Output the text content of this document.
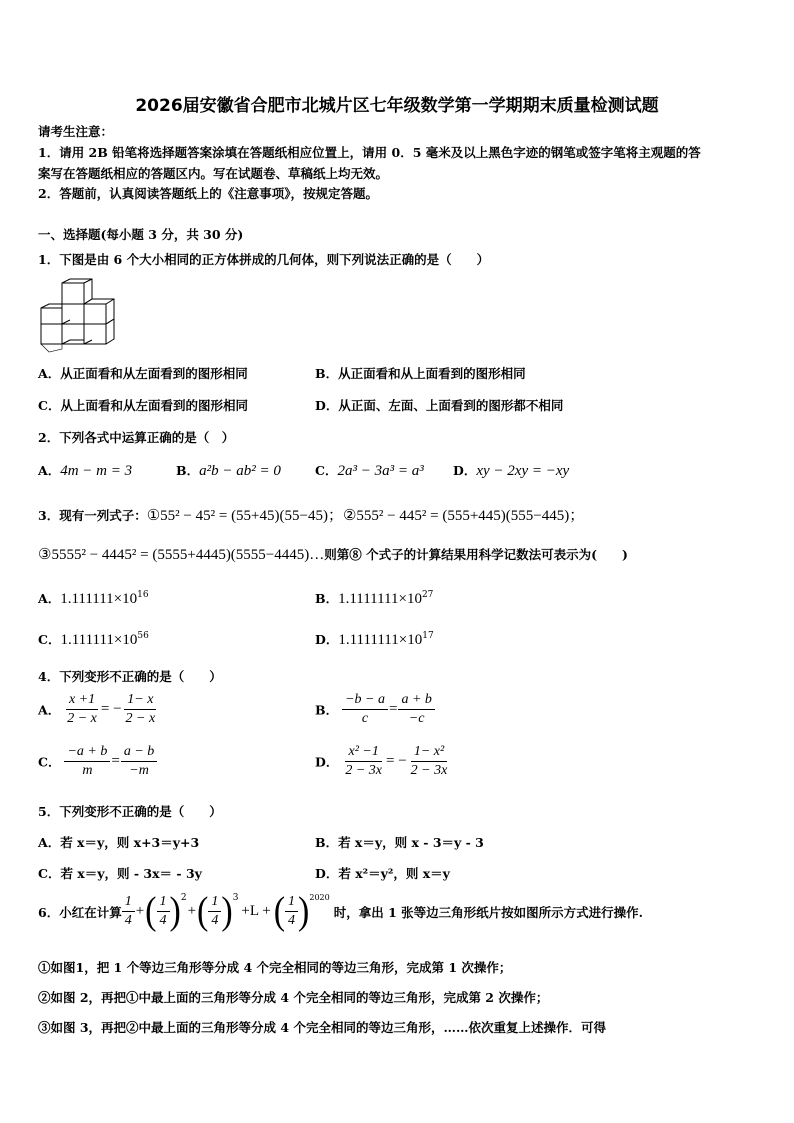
2026届安徽省合肥市北城片区七年级数学第一学期期末质量检测试题
请考生注意：
1．请用 2B 铅笔将选择题答案涂填在答题纸相应位置上，请用 0．5 毫米及以上黑色字迹的钢笔或签字笔将主观题的答
案写在答题纸相应的答题区内。写在试题卷、草稿纸上均无效。
2．答题前，认真阅读答题纸上的《注意事项》，按规定答题。
一、选择题(每小题 3 分，共 30 分)
1．下图是由 6 个大小相同的正方体拼成的几何体，则下列说法正确的是（　　）
A．从正面看和从左面看到的图形相同	B．从正面看和从上面看到的图形相同
C．从上面看和从左面看到的图形相同	D．从正面、左面、上面看到的图形都不相同
2．下列各式中运算正确的是（　）
A．4m − m = 3	B．a²b − ab² = 0	C．2a³ − 3a³ = a³ D．xy − 2xy = −xy
3．现有一列式子：①55² − 45² = (55+45)(55−45)；②555² − 445² = (555+445)(555−445)；
③5555² − 4445² = (5555+4445)(5555−4445)…则第⑧ 个式子的计算结果用科学记数法可表示为(　　)
A．$1.111111\times 10^{16}$	B．$1.1111111\times 10^{27}$
C．$1.111111\times 10^{56}$	D．$1.1111111\times 10^{17}$
4．下列变形不正确的是（　　）
A． $\frac{x +1}{2 - x}$ = − $\frac{1- x}{2 - x}$	B． $\frac{-b - a}{c} = \frac{a + b}{-c}$
C． $\frac{-a + b}{m} = \frac{a - b}{-m}$	D． $\frac{\text{x² −1}}{2 - 3x}$ = − $\frac{\text{1− x²}}{2 - 3x}$
5．下列变形不正确的是（　　）
A．若 x＝y，则 x+3＝y+3	B．若 x＝y，则 x - 3＝y - 3
C．若 x＝y，则 - 3x＝ - 3y	D．若 x²＝y²，则 x＝y
6．小红在计算 $\frac{1}{4}$ + ( $\frac{1}{4} )^2$
+ ( $\frac{1}{4} )^3$
+L + ( $\frac{1}{4} )^{2020}$
时，拿出 1 张等边三角形纸片按如图所示方式进行操作.
①如图1，把 1 个等边三角形等分成 4 个完全相同的等边三角形，完成第 1 次操作；
②如图 2，再把①中最上面的三角形等分成 4 个完全相同的等边三角形，完成第 2 次操作；
③如图 3，再把②中最上面的三角形等分成 4 个完全相同的等边三角形，……依次重复上述操作．可得
